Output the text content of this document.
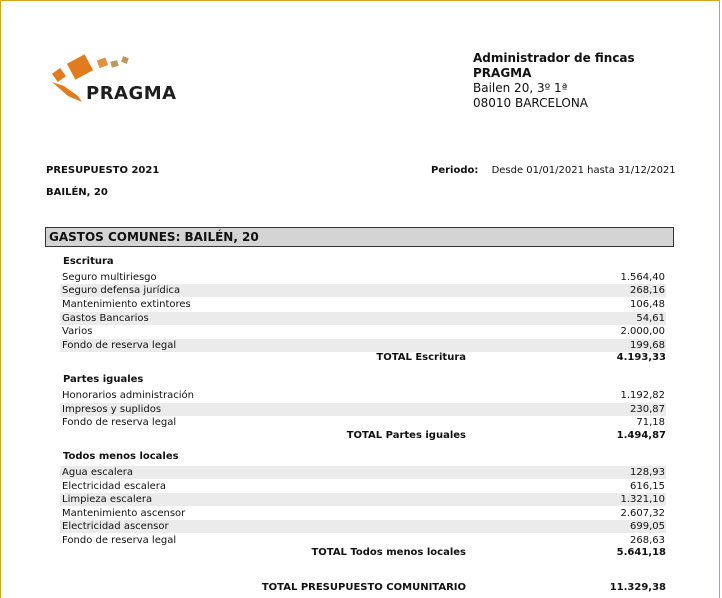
PRAGMA
Administrador de fincas
PRAGMA
Bailen 20, 3º 1ª
08010 BARCELONA
PRESUPUESTO 2021
BAILÉN, 20
Periodo: Desde 01/01/2021 hasta 31/12/2021
GASTOS COMUNES: BAILÉN, 20
Escritura
Seguro multiriesgo	1.564,40
Seguro defensa jurídica	268,16
Mantenimiento extintores	106,48
Gastos Bancarios	54,61
Varios	2.000,00
Fondo de reserva legal	199,68
TOTAL Escritura	4.193,33
Partes iguales
Honorarios administración	1.192,82
Impresos y suplidos	230,87
Fondo de reserva legal	71,18
TOTAL Partes iguales	1.494,87
Todos menos locales
Agua escalera	128,93
Electricidad escalera	616,15
Limpieza escalera	1.321,10
Mantenimiento ascensor	2.607,32
Electricidad ascensor	699,05
Fondo de reserva legal	268,63
TOTAL Todos menos locales	5.641,18
TOTAL PRESUPUESTO COMUNITARIO	11.329,38
